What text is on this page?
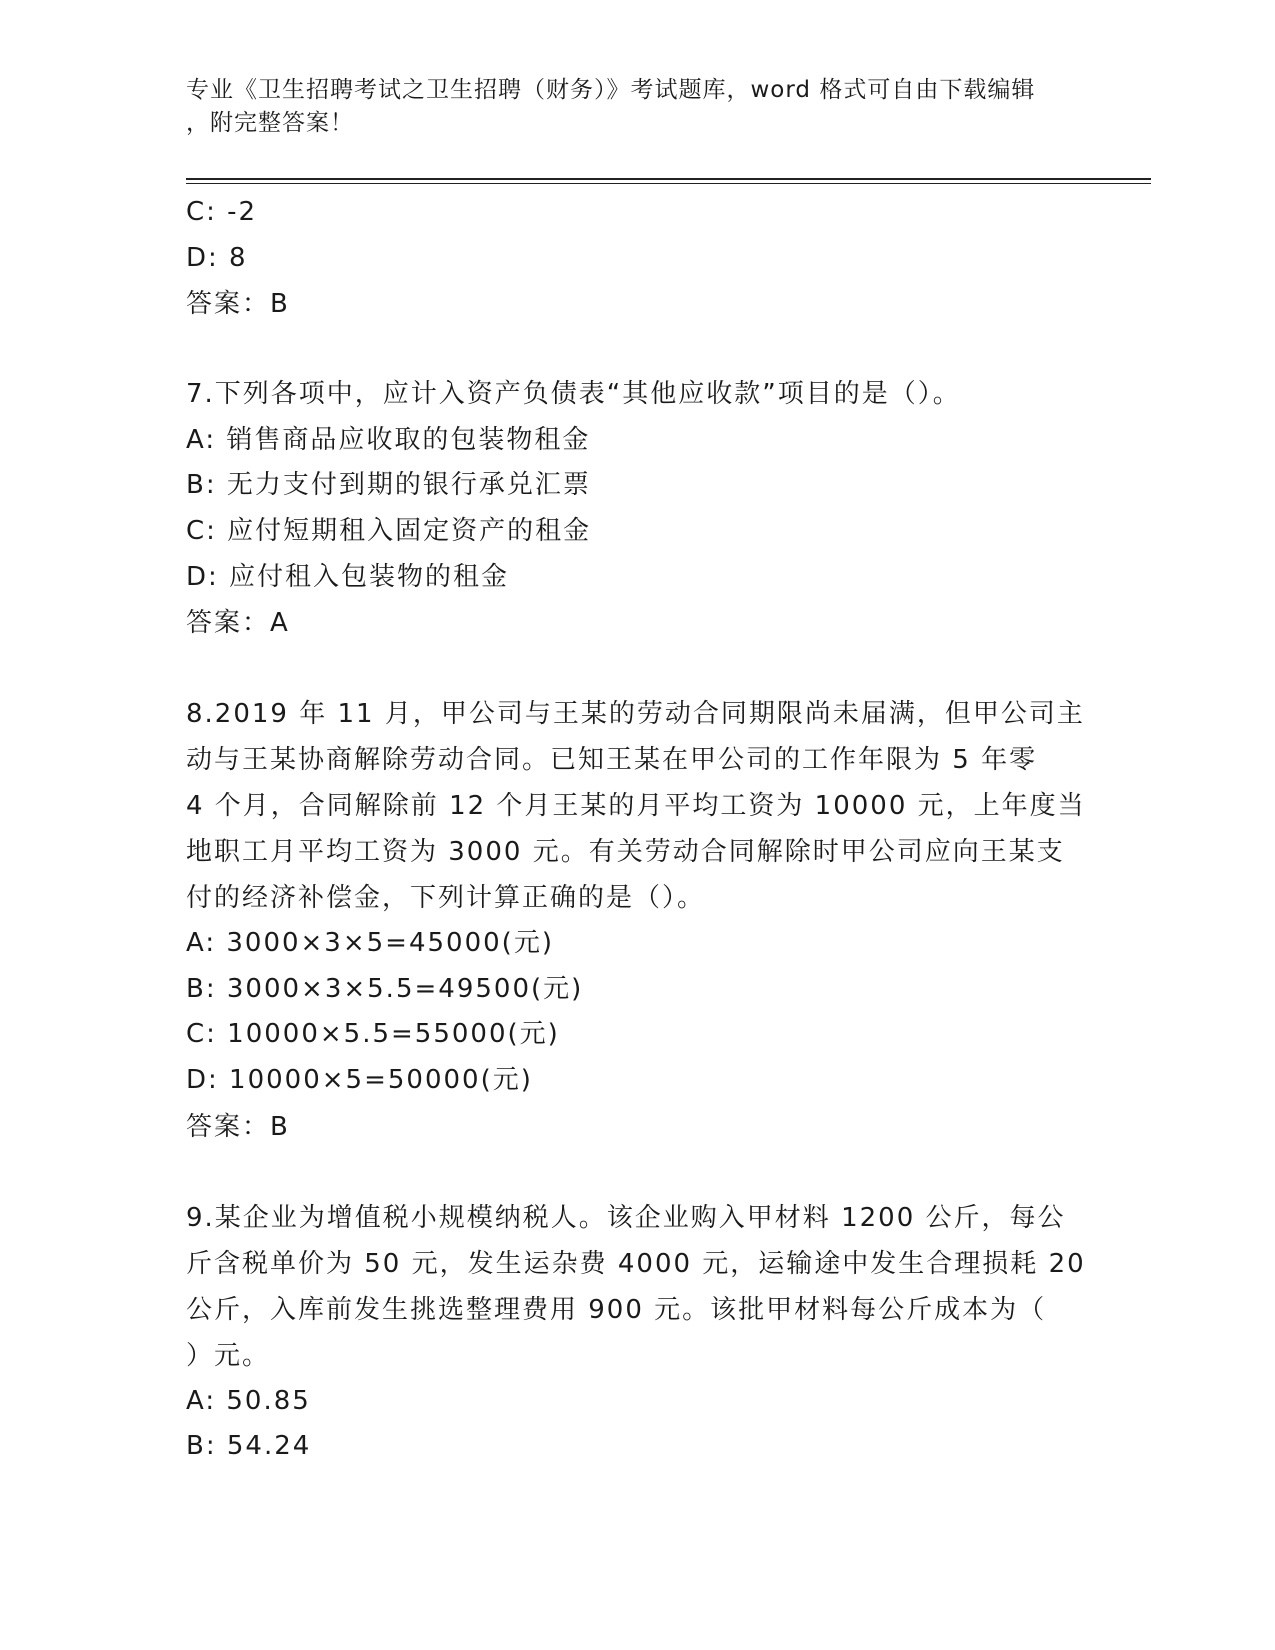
专业《卫生招聘考试之卫生招聘（财务）》考试题库，word 格式可自由下载编辑
，附完整答案！
C: -2
D: 8
答案：B
7.下列各项中，应计入资产负债表“其他应收款”项目的是（）。
A: 销售商品应收取的包装物租金
B: 无力支付到期的银行承兑汇票
C: 应付短期租入固定资产的租金
D: 应付租入包装物的租金
答案：A
8.2019 年 11 月，甲公司与王某的劳动合同期限尚未届满，但甲公司主
动与王某协商解除劳动合同。已知王某在甲公司的工作年限为 5 年零
4 个月，合同解除前 12 个月王某的月平均工资为 10000 元，上年度当
地职工月平均工资为 3000 元。有关劳动合同解除时甲公司应向王某支
付的经济补偿金，下列计算正确的是（）。
A: 3000×3×5=45000(元)
B: 3000×3×5.5=49500(元)
C: 10000×5.5=55000(元)
D: 10000×5=50000(元)
答案：B
9.某企业为增值税小规模纳税人。该企业购入甲材料 1200 公斤，每公
斤含税单价为 50 元，发生运杂费 4000 元，运输途中发生合理损耗 20
公斤，入库前发生挑选整理费用 900 元。该批甲材料每公斤成本为（
）元。
A: 50.85
B: 54.24
